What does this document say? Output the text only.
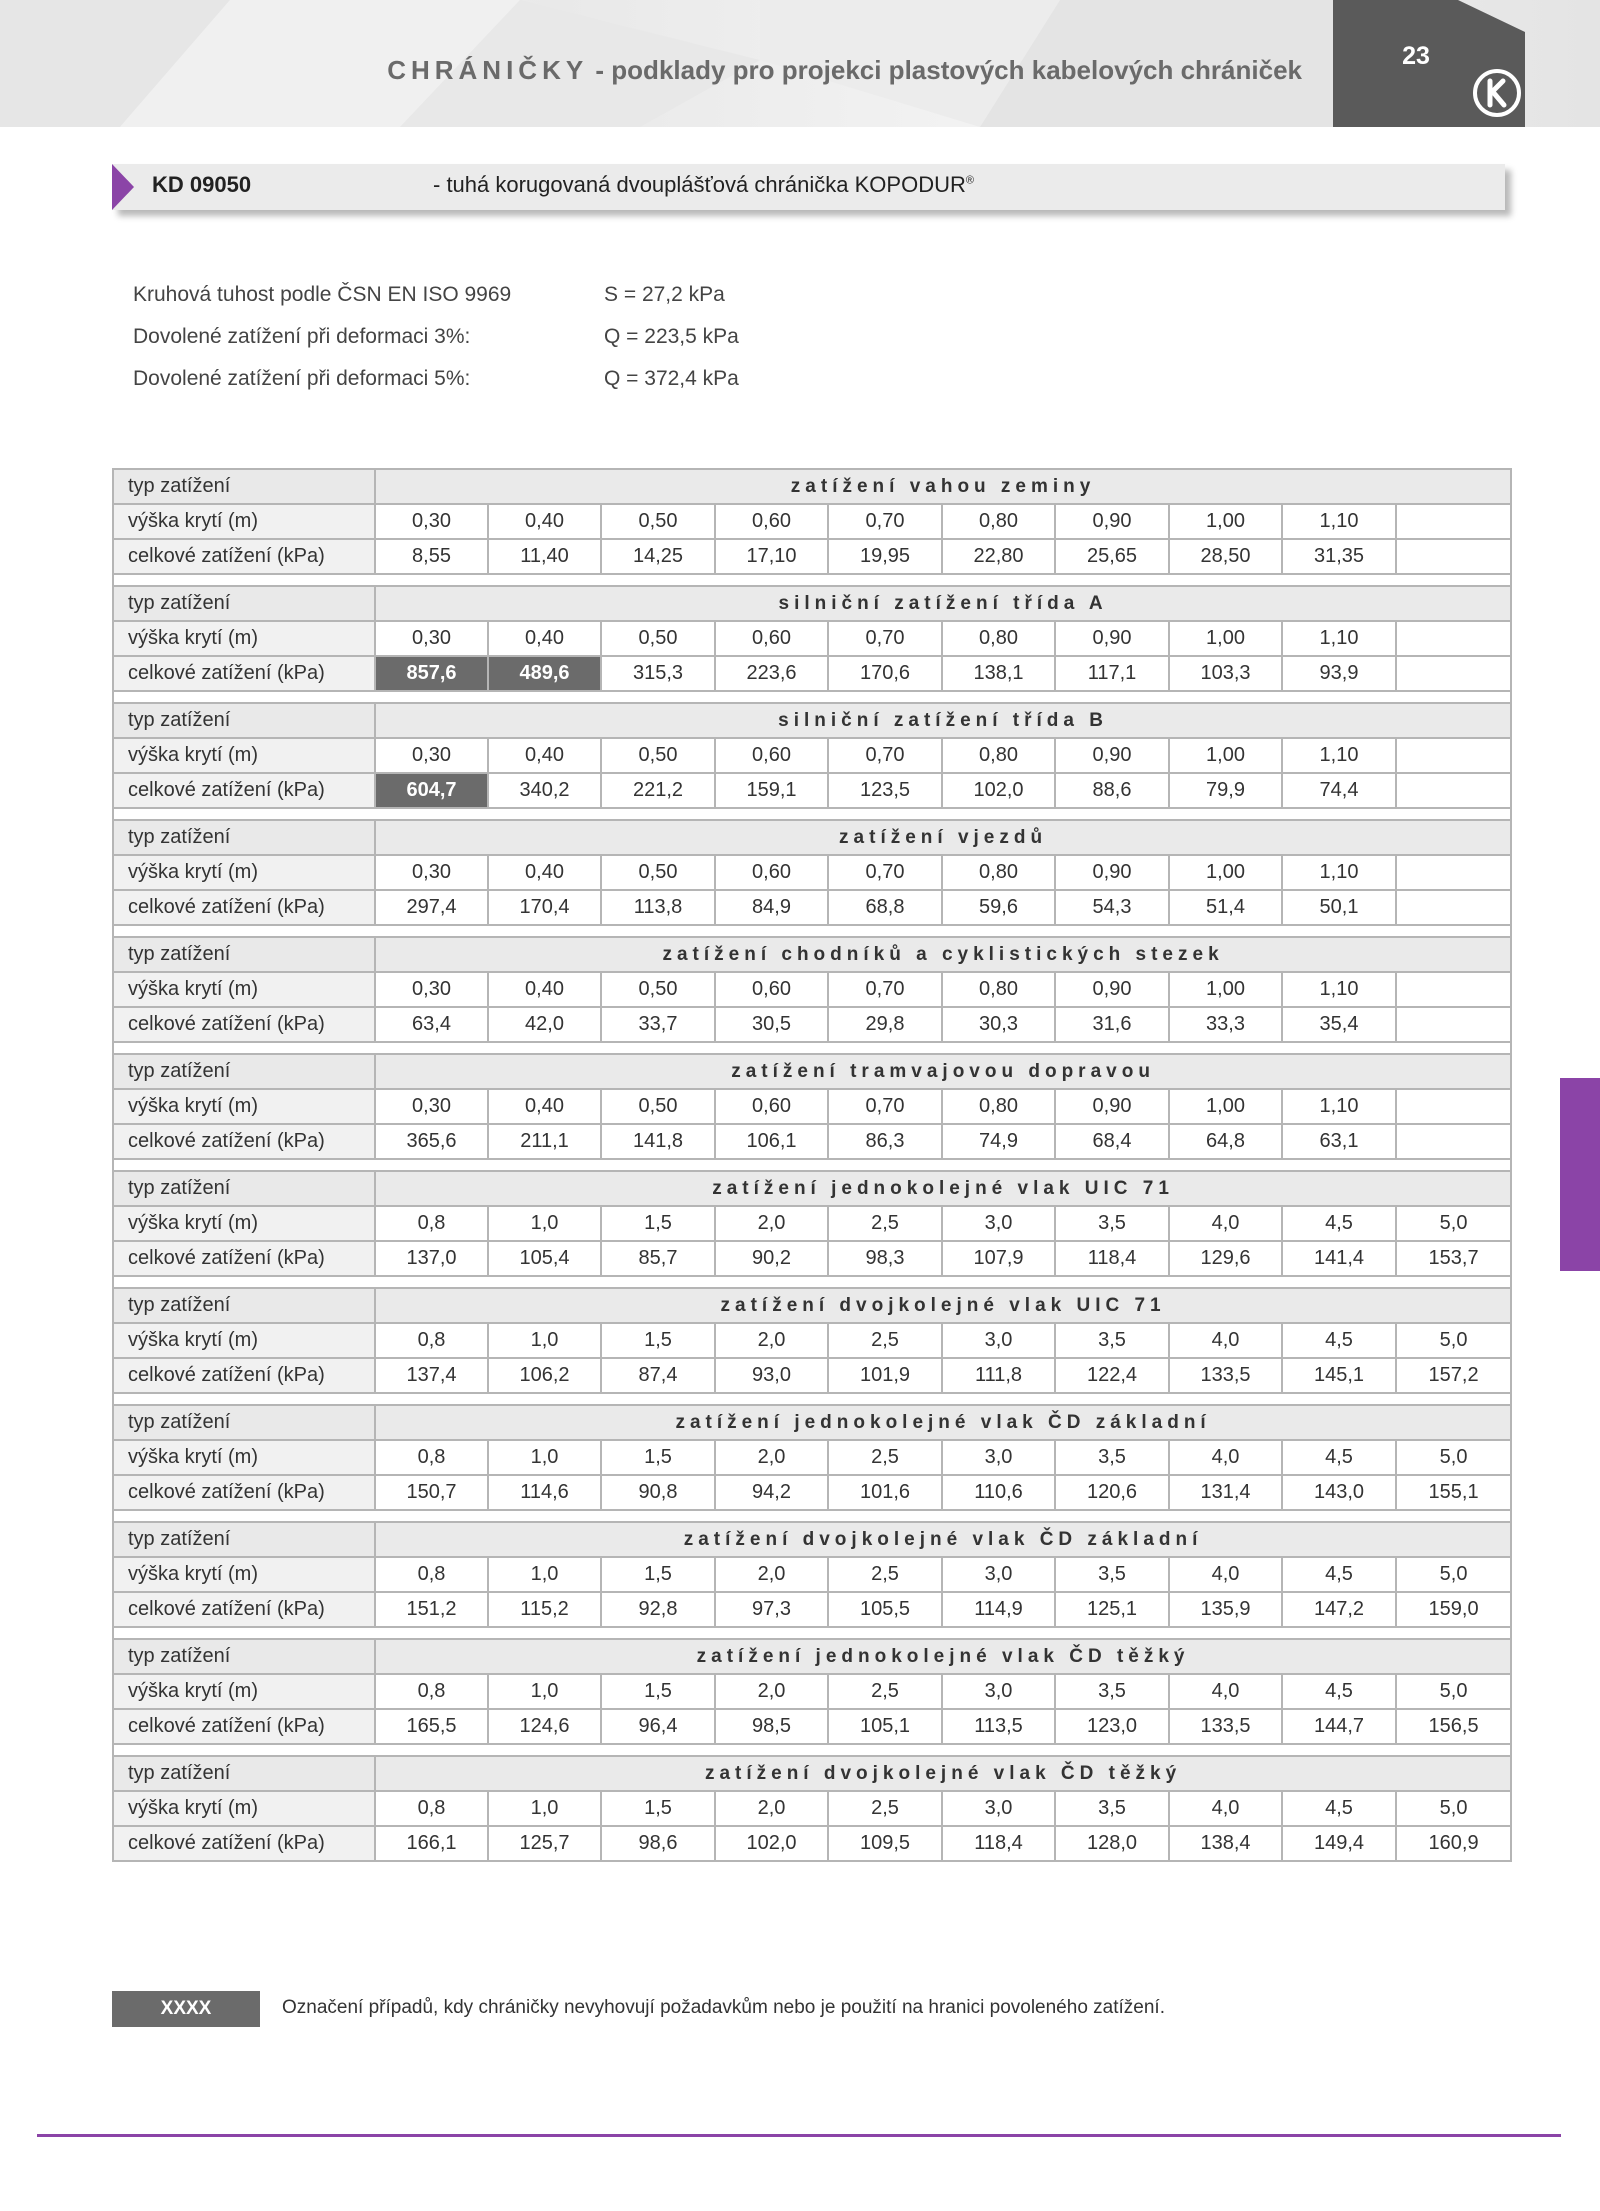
CHRÁNIČKY - podklady pro projekci plastových kabelových chrániček	23
KD 09050	- tuhá korugovaná dvouplášťová chránička KOPODUR®
Kruhová tuhost podle ČSN EN ISO 9969	S = 27,2 kPa
Dovolené zatížení při deformaci 3%:	Q = 223,5 kPa
Dovolené zatížení při deformaci 5%:	Q = 372,4 kPa
typ zatížení	zatížení vahou zeminy									
výška krytí (m)	0,30	0,40	0,50	0,60	0,70	0,80	0,90	1,00	1,10	
celkové zatížení (kPa)	8,55	11,40	14,25	17,10	19,95	22,80	25,65	28,50	31,35	

typ zatížení	silniční zatížení třída A									
výška krytí (m)	0,30	0,40	0,50	0,60	0,70	0,80	0,90	1,00	1,10	
celkové zatížení (kPa)	857,6	489,6	315,3	223,6	170,6	138,1	117,1	103,3	93,9	

typ zatížení	silniční zatížení třída B									
výška krytí (m)	0,30	0,40	0,50	0,60	0,70	0,80	0,90	1,00	1,10	
celkové zatížení (kPa)	604,7	340,2	221,2	159,1	123,5	102,0	88,6	79,9	74,4	

typ zatížení	zatížení vjezdů									
výška krytí (m)	0,30	0,40	0,50	0,60	0,70	0,80	0,90	1,00	1,10	
celkové zatížení (kPa)	297,4	170,4	113,8	84,9	68,8	59,6	54,3	51,4	50,1	

typ zatížení	zatížení chodníků a cyklistických stezek									
výška krytí (m)	0,30	0,40	0,50	0,60	0,70	0,80	0,90	1,00	1,10	
celkové zatížení (kPa)	63,4	42,0	33,7	30,5	29,8	30,3	31,6	33,3	35,4	

typ zatížení	zatížení tramvajovou dopravou									
výška krytí (m)	0,30	0,40	0,50	0,60	0,70	0,80	0,90	1,00	1,10	
celkové zatížení (kPa)	365,6	211,1	141,8	106,1	86,3	74,9	68,4	64,8	63,1	

typ zatížení	zatížení jednokolejné vlak UIC 71									
výška krytí (m)	0,8	1,0	1,5	2,0	2,5	3,0	3,5	4,0	4,5	5,0
celkové zatížení (kPa)	137,0	105,4	85,7	90,2	98,3	107,9	118,4	129,6	141,4	153,7

typ zatížení	zatížení dvojkolejné vlak UIC 71									
výška krytí (m)	0,8	1,0	1,5	2,0	2,5	3,0	3,5	4,0	4,5	5,0
celkové zatížení (kPa)	137,4	106,2	87,4	93,0	101,9	111,8	122,4	133,5	145,1	157,2

typ zatížení	zatížení jednokolejné vlak ČD základní									
výška krytí (m)	0,8	1,0	1,5	2,0	2,5	3,0	3,5	4,0	4,5	5,0
celkové zatížení (kPa)	150,7	114,6	90,8	94,2	101,6	110,6	120,6	131,4	143,0	155,1

typ zatížení	zatížení dvojkolejné vlak ČD základní									
výška krytí (m)	0,8	1,0	1,5	2,0	2,5	3,0	3,5	4,0	4,5	5,0
celkové zatížení (kPa)	151,2	115,2	92,8	97,3	105,5	114,9	125,1	135,9	147,2	159,0

typ zatížení	zatížení jednokolejné vlak ČD těžký									
výška krytí (m)	0,8	1,0	1,5	2,0	2,5	3,0	3,5	4,0	4,5	5,0
celkové zatížení (kPa)	165,5	124,6	96,4	98,5	105,1	113,5	123,0	133,5	144,7	156,5

typ zatížení	zatížení dvojkolejné vlak ČD těžký									
výška krytí (m)	0,8	1,0	1,5	2,0	2,5	3,0	3,5	4,0	4,5	5,0
celkové zatížení (kPa)	166,1	125,7	98,6	102,0	109,5	118,4	128,0	138,4	149,4	160,9
XXXX	Označení případů, kdy chráničky nevyhovují požadavkům nebo je použití na hranici povoleného zatížení.
